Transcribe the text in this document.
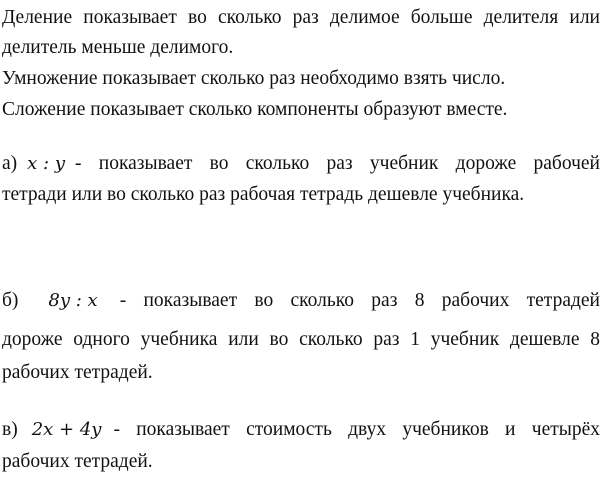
Деление показывает во сколько раз делимое больше делителя или
делитель меньше делимого.
Умножение показывает сколько раз необходимо взять число.
Сложение показывает сколько компоненты образуют вместе.
а) x : y - показывает во сколько раз учебник дороже рабочей
тетради или во сколько раз рабочая тетрадь дешевле учебника.
б) 8y : x - показывает во сколько раз 8 рабочих тетрадей
дороже одного учебника или во сколько раз 1 учебник дешевле 8
рабочих тетрадей.
в) 2x + 4y - показывает стоимость двух учебников и четырёх
рабочих тетрадей.
